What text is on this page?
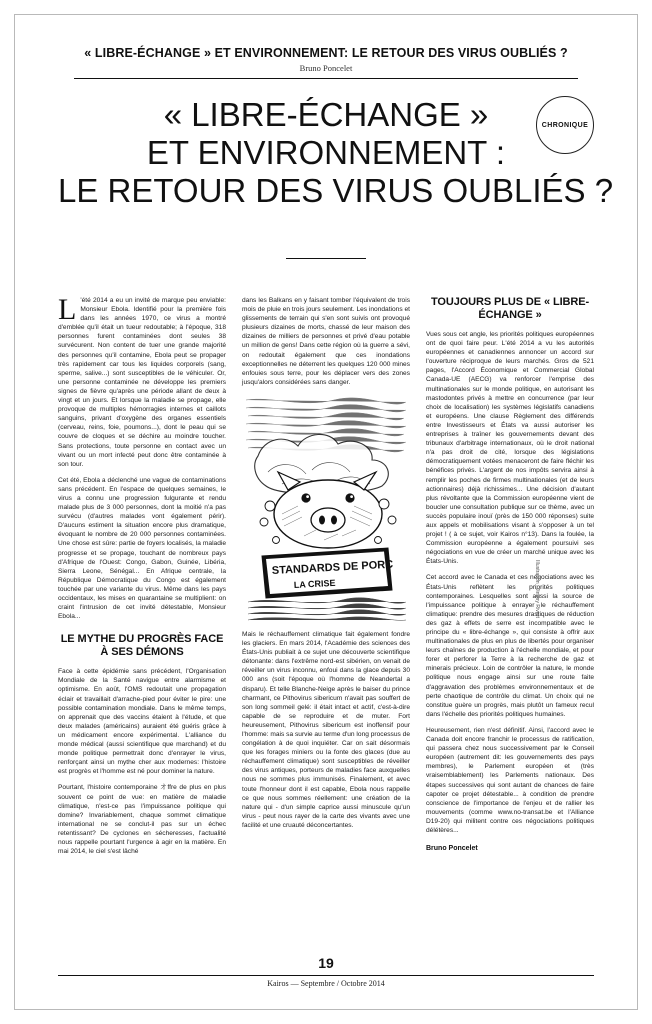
« LIBRE-ÉCHANGE » ET ENVIRONNEMENT: LE RETOUR DES VIRUS OUBLIÉS ?
Bruno Poncelet
« LIBRE-ÉCHANGE »
ET ENVIRONNEMENT :
LE RETOUR DES VIRUS OUBLIÉS ?
CHRONIQUE

L 'été 2014 a eu un invité de marque peu enviable: Monsieur Ebola. Identifié pour la première fois dans les années 1970, ce virus a montré d'emblée qu'il était un tueur redoutable; à l'époque, 318 personnes furent contaminées dont seules 38 survécurent. Non content de tuer une grande majorité des personnes qu'il contamine, Ebola peut se propager très rapidement car tous les liquides corporels (sang, sperme, salive...) sont susceptibles de le véhiculer. Or, une personne contaminée ne développe les premiers signes de fièvre qu'après une période allant de deux à vingt et un jours. Et lorsque la maladie se propage, elle provoque de multiples hémorragies internes et caillots sanguins, privant d'oxygène des organes essentiels (cerveau, reins, foie, poumons...), dont le peau qui se couvre de cloques et se déchire au moindre toucher. Sans protections, toute personne en contact avec un vivant ou un mort infecté peut donc être contaminée à son tour.

Cet été, Ebola a déclenché une vague de contaminations sans précédent. En l'espace de quelques semaines, le virus a connu une progression fulgurante et rendu malade plus de 3 000 personnes, dont la moitié n'a pas survécu (d'autres malades vont également périr). D'aucuns estiment la situation encore plus dramatique, évoquant le nombre de 20 000 personnes contaminées. Une chose est sûre: partie de foyers localisés, la maladie progresse et se propage, touchant de nombreux pays d'Afrique de l'Ouest: Congo, Gabon, Guinée, Libéria, Sierra Leone, Sénégal... En Afrique centrale, la République Démocratique du Congo est également touchée par une variante du virus. Même dans les pays occidentaux, les mises en quarantaine se multiplient: on craint l'intrusion de cet invité détestable, Monsieur Ebola...

LE MYTHE DU PROGRÈS FACE À SES DÉMONS

Face à cette épidémie sans précédent, l'Organisation Mondiale de la Santé navigue entre alarmisme et optimisme. En août, l'OMS redoutait une propagation éclair et travaillait d'arrache-pied pour éviter le pire: une possible contamination mondiale. Dans le même temps, on apprenait que des vaccins étaient à l'étude, et que deux malades (américains) auraient été guéris grâce à un médicament encore expérimental. L'alliance du monde médical (aussi scientifique que marchand) et du monde politique permettrait donc d'enrayer le virus, renforçant ainsi un mythe cher aux modernes: l'histoire est progrès et l'homme est né pour dominer la nature.

Pourtant, l'histoire contemporaine オffre de plus en plus souvent ce point de vue: en matière de maladie climatique, n'est-ce pas l'impuissance politique qui domine? Invariablement, chaque sommet climatique international ne se conclut-il pas sur un échec retentissant? De cyclones en sécheresses, l'actualité nous rappelle pourtant l'urgence à agir en la matière. En mai 2014, le ciel s'est lâché

dans les Balkans en y faisant tomber l'équivalent de trois mois de pluie en trois jours seulement. Les inondations et glissements de terrain qui s'en sont suivis ont provoqué plusieurs dizaines de morts, chassé de leur maison des dizaines de milliers de personnes et privé d'eau potable un million de gens! Dans cette région où la guerre a sévi, on redoutait également que ces inondations exceptionnelles ne déterrent les quelques 120 000 mines enfouies sous terre, pour les déplacer vers des zones jusqu'alors considérées sans danger.

STANDARDS DE PORC
LA CRISE

Mais le réchauffement climatique fait également fondre les glaciers. En mars 2014, l'Académie des sciences des États-Unis publiait à ce sujet une découverte scientifique détonante: dans l'extrême nord-est sibérien, on venait de réveiller un virus inconnu, enfoui dans la glace depuis 30 000 ans (soit l'époque où l'homme de Neandertal a disparu). Et telle Blanche-Neige après le baiser du prince charmant, ce Pithovirus sibericum n'avait pas souffert de son long sommeil gelé: il était intact et actif, c'est-à-dire capable de se reproduire et de muter. Fort heureusement, Pithovirus sibericum est inoffensif pour l'homme: mais sa survie au terme d'un long processus de congélation à de quoi inquiéter. Car on sait désormais que les forages miniers ou la fonte des glaces (due au réchauffement climatique) sont susceptibles de réveiller des virus antiques, porteurs de maladies face auxquelles nous ne sommes plus immunisés. Finalement, et avec toute l'honneur dont il est capable, Ebola nous rappelle ce que nous sommes réellement: une création de la nature qui - d'un simple caprice aussi minuscule qu'un virus - peut nous rayer de la carte des vivants avec une facilité et une cruauté déconcertantes.

TOUJOURS PLUS DE « LIBRE-ÉCHANGE »

Vues sous cet angle, les priorités politiques européennes ont de quoi faire peur. L'été 2014 a vu les autorités européennes et canadiennes annoncer un accord sur l'ouverture réciproque de leurs marchés. Gros de 521 pages, l'Accord Économique et Commercial Global Canada-UE (AECG) va renforcer l'emprise des multinationales sur le monde politique, en autorisant les mastodontes privés à mettre en concurrence (par leur choix de localisation) les systèmes législatifs canadiens et européens. Une clause Règlement des différends entre Investisseurs et États va aussi autoriser les entreprises à traîner les gouvernements devant des tribunaux d'arbitrage internationaux, où le droit national n'a pas droit de cité, lorsque des législations démocratiquement votées menaceront de faire fléchir les bénéfices privés. L'argent de nos impôts servira ainsi à remplir les poches de firmes multinationales (et de leurs actionnaires) déjà richissimes... Une décision d'autant plus révoltante que la Commission européenne vient de boucler une consultation publique sur ce thème, avec un succès populaire inouï (près de 150 000 réponses) suite aux appels et mobilisations visant à s'opposer à un tel projet ! ( à ce sujet, voir Kairos n°13). Dans la foulée, la Commission européenne a également poursuivi ses négociations en vue de créer un marché unique avec les États-Unis.

Cet accord avec le Canada et ces négociations avec les États-Unis reflètent les priorités politiques contemporaines. Lesquelles sont aussi la source de l'impuissance politique à enrayer le réchauffement climatique: prendre des mesures drastiques de réduction des gaz à effets de serre est incompatible avec le principe du « libre-échange », qui consiste à offrir aux multinationales de plus en plus de libertés pour organiser leurs chaînes de production à l'échelle mondiale, et pour forer et perforer la Terre à la recherche de gaz et minerais précieux. Loin de contrôler la nature, le monde politique nous engage ainsi sur une route faite d'aggravation des problèmes environnementaux et de perte chaotique de contrôle du climat. Un choix qui ne constitue guère un progrès, mais plutôt un fameux recul dans l'échelle des priorités politiques humaines.

Heureusement, rien n'est définitif. Ainsi, l'accord avec le Canada doit encore franchir le processus de ratification, qui passera chez nous successivement par le Conseil européen (autrement dit: les gouvernements des pays membres), le Parlement européen et (très vraisemblablement) les Parlements nationaux. Des étapes successives qui sont autant de chances de faire capoter ce projet détestable... à condition de prendre conscience de l'importance de l'enjeu et de rallier les mouvements (comme www.no-transat.be et l'Alliance D19-20) qui militent contre ces négociations politiques délétères...

Bruno Poncelet
Illustration : Jimmy Rivert
19
Kairos — Septembre / Octobre 2014
